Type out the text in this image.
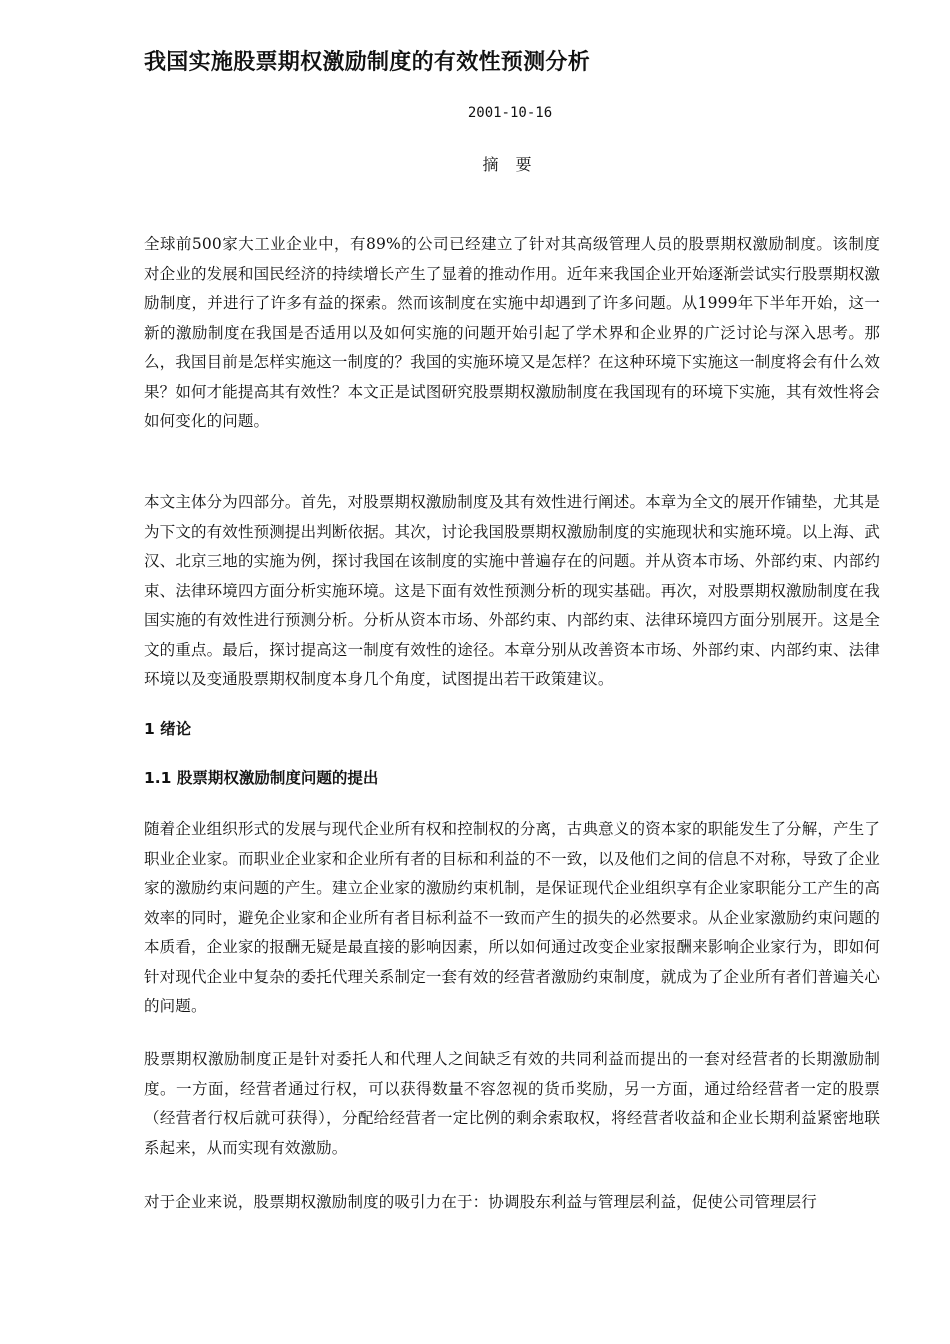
我国实施股票期权激励制度的有效性预测分析
2001-10-16
摘 要

全球前500家大工业企业中，有89%的公司已经建立了针对其高级管理人员的股票期权激励制度。该制度对企业的发展和国民经济的持续增长产生了显着的推动作用。近年来我国企业开始逐渐尝试实行股票期权激励制度，并进行了许多有益的探索。然而该制度在实施中却遇到了许多问题。从1999年下半年开始，这一新的激励制度在我国是否适用以及如何实施的问题开始引起了学术界和企业界的广泛讨论与深入思考。那么，我国目前是怎样实施这一制度的？我国的实施环境又是怎样？在这种环境下实施这一制度将会有什么效果？如何才能提高其有效性？本文正是试图研究股票期权激励制度在我国现有的环境下实施，其有效性将会如何变化的问题。

本文主体分为四部分。首先，对股票期权激励制度及其有效性进行阐述。本章为全文的展开作铺垫，尤其是为下文的有效性预测提出判断依据。其次，讨论我国股票期权激励制度的实施现状和实施环境。以上海、武汉、北京三地的实施为例，探讨我国在该制度的实施中普遍存在的问题。并从资本市场、外部约束、内部约束、法律环境四方面分析实施环境。这是下面有效性预测分析的现实基础。再次，对股票期权激励制度在我国实施的有效性进行预测分析。分析从资本市场、外部约束、内部约束、法律环境四方面分别展开。这是全文的重点。最后，探讨提高这一制度有效性的途径。本章分别从改善资本市场、外部约束、内部约束、法律环境以及变通股票期权制度本身几个角度，试图提出若干政策建议。

1 绪论
1.1 股票期权激励制度问题的提出

随着企业组织形式的发展与现代企业所有权和控制权的分离，古典意义的资本家的职能发生了分解，产生了职业企业家。而职业企业家和企业所有者的目标和利益的不一致，以及他们之间的信息不对称，导致了企业家的激励约束问题的产生。建立企业家的激励约束机制，是保证现代企业组织享有企业家职能分工产生的高效率的同时，避免企业家和企业所有者目标利益不一致而产生的损失的必然要求。从企业家激励约束问题的本质看，企业家的报酬无疑是最直接的影响因素，所以如何通过改变企业家报酬来影响企业家行为，即如何针对现代企业中复杂的委托代理关系制定一套有效的经营者激励约束制度，就成为了企业所有者们普遍关心的问题。

股票期权激励制度正是针对委托人和代理人之间缺乏有效的共同利益而提出的一套对经营者的长期激励制度。一方面，经营者通过行权，可以获得数量不容忽视的货币奖励，另一方面，通过给经营者一定的股票（经营者行权后就可获得），分配给经营者一定比例的剩余索取权，将经营者收益和企业长期利益紧密地联系起来，从而实现有效激励。

对于企业来说，股票期权激励制度的吸引力在于：协调股东利益与管理层利益，促使公司管理层行
